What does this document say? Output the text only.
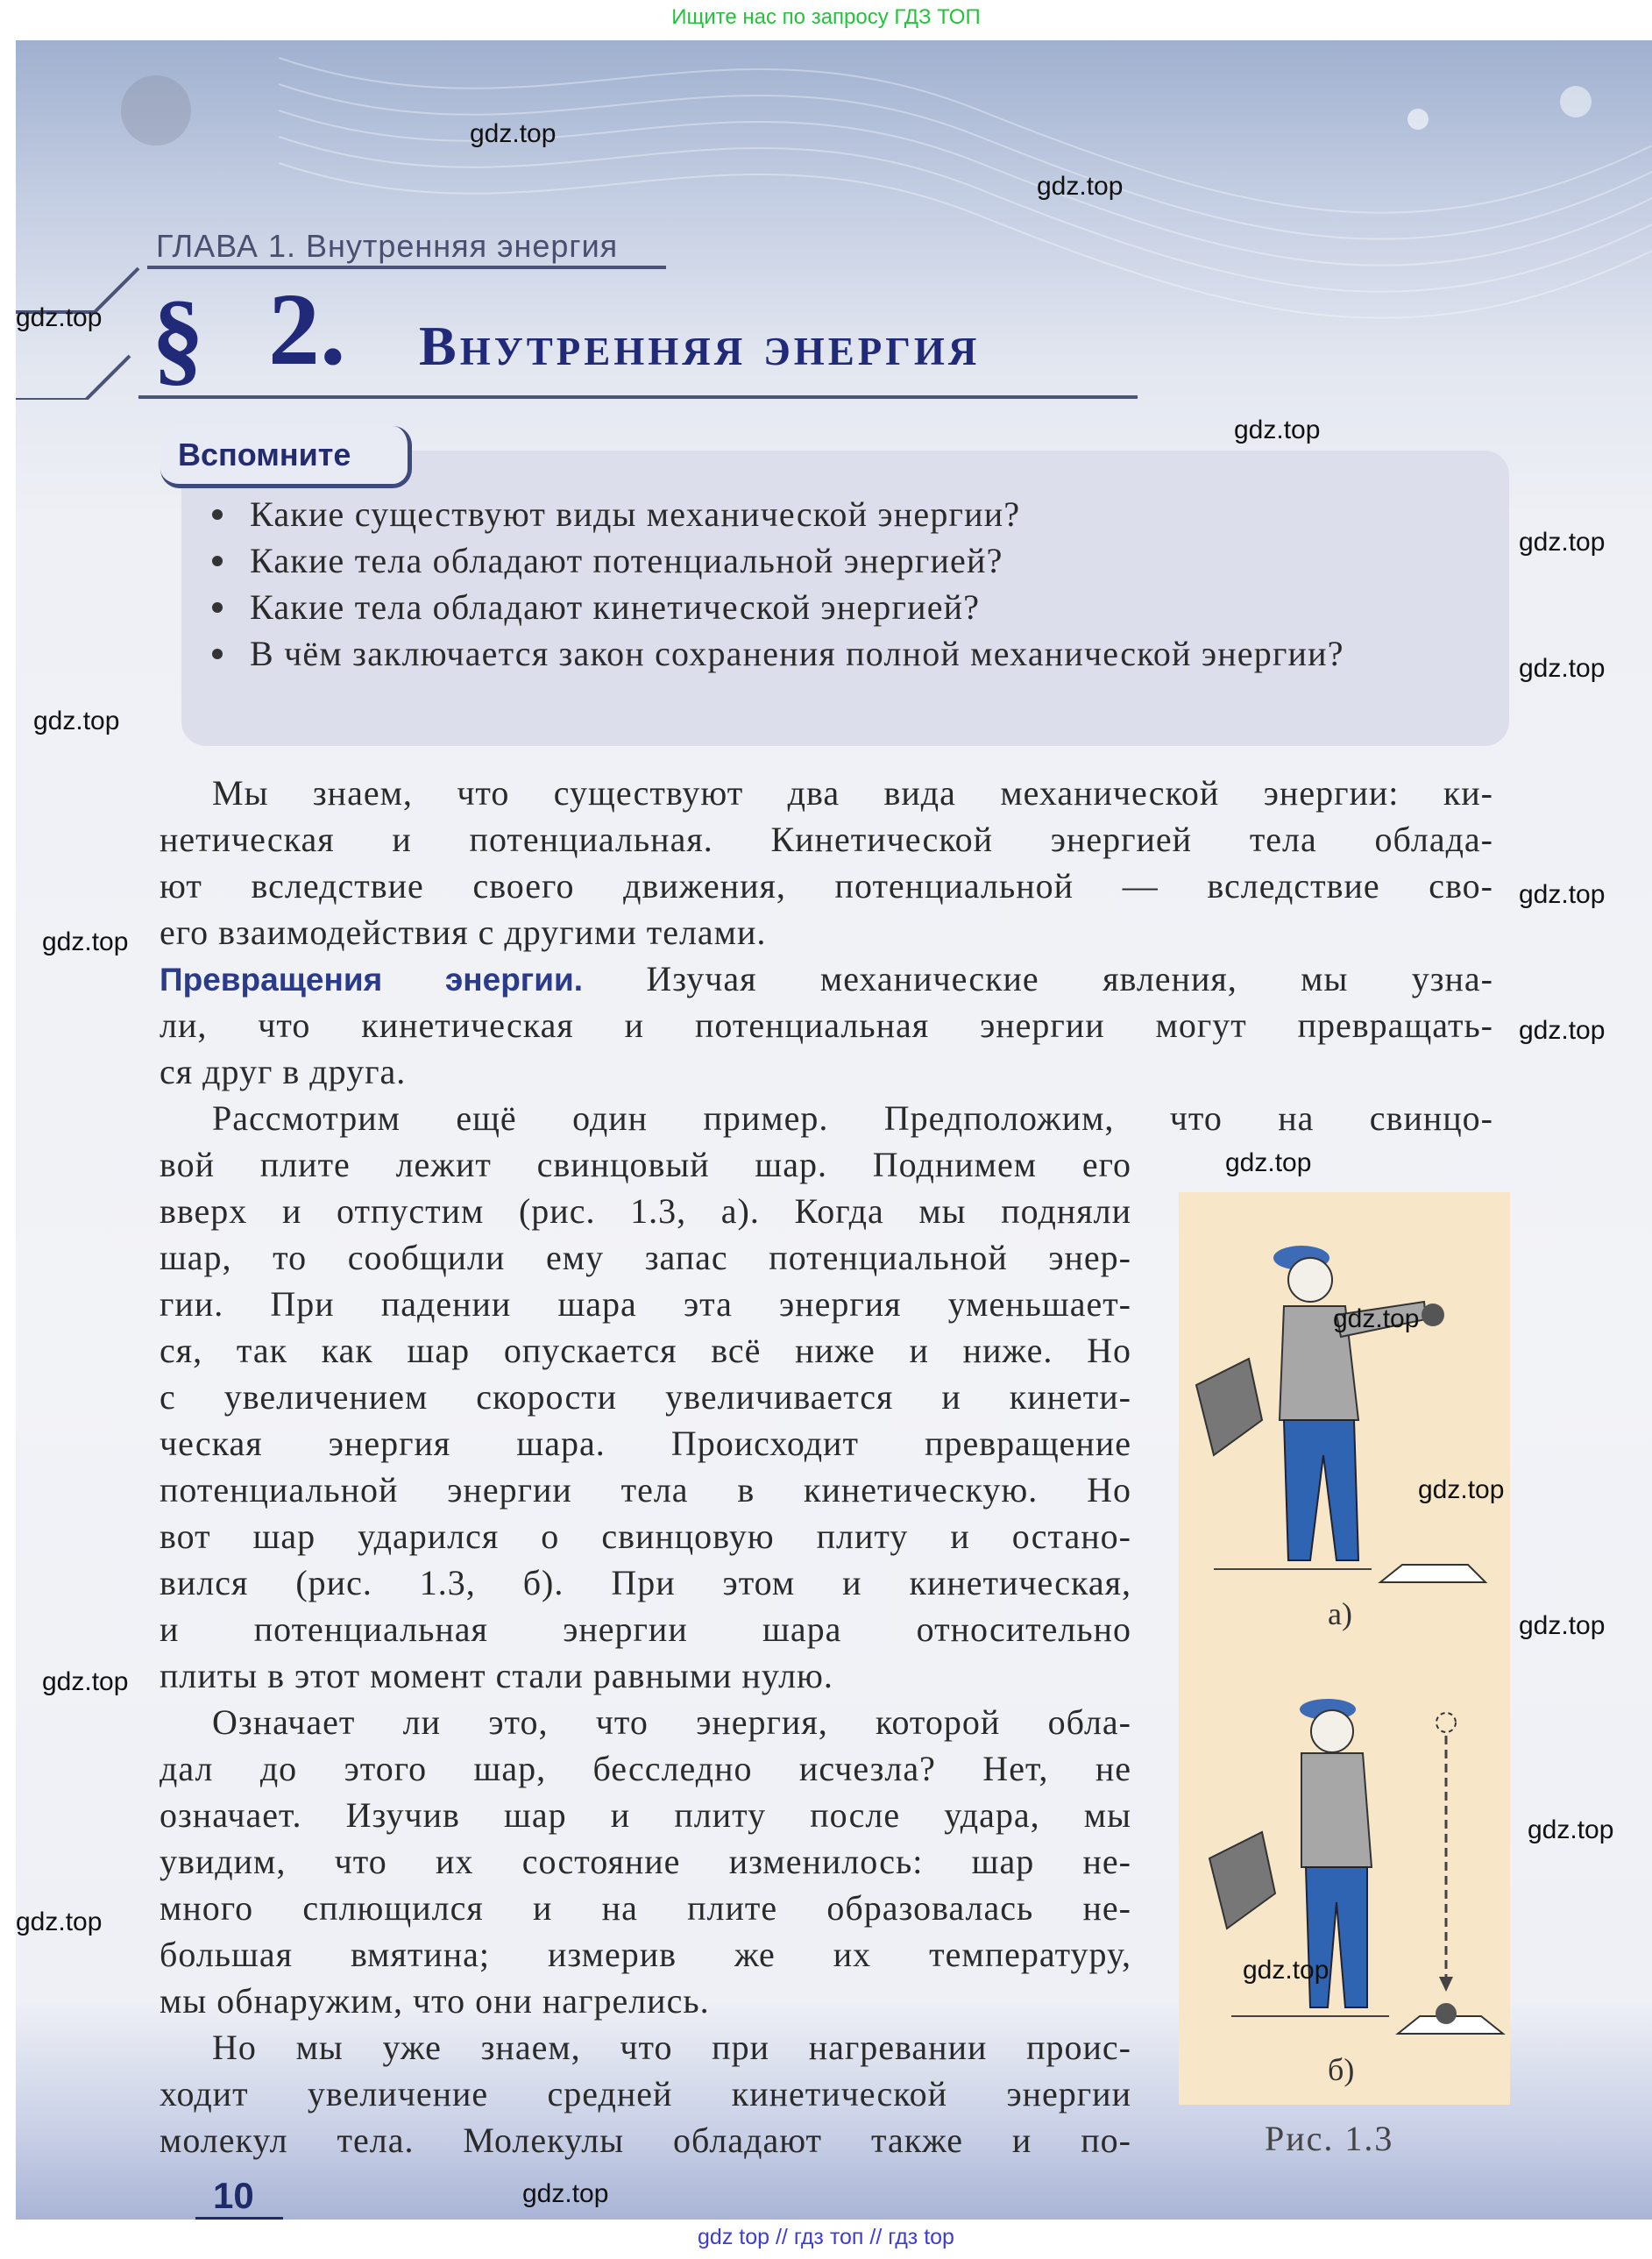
Ищите нас по запросу ГДЗ ТОП
ГЛАВА 1. Внутренняя энергия
§ 2. Внутренняя энергия
Вспомните
Какие существуют виды механической энергии?
Какие тела обладают потенциальной энергией?
Какие тела обладают кинетической энергией?
В чём заключается закон сохранения полной механической энергии?
Мы знаем, что существуют два вида механической энергии: ки-
нетическая и потенциальная. Кинетической энергией тела облада-
ют вследствие своего движения, потенциальной — вследствие сво-
его взаимодействия с другими телами.
Превращения энергии. Изучая механические явления, мы узна-
ли, что кинетическая и потенциальная энергии могут превращать-
ся друг в друга.
Рассмотрим ещё один пример. Предположим, что на свинцо-
вой плите лежит свинцовый шар. Поднимем его
вверх и отпустим (рис. 1.3, а). Когда мы подняли
шар, то сообщили ему запас потенциальной энер-
гии. При падении шара эта энергия уменьшает-
ся, так как шар опускается всё ниже и ниже. Но
с увеличением скорости увеличивается и кинети-
ческая энергия шара. Происходит превращение
потенциальной энергии тела в кинетическую. Но
вот шар ударился о свинцовую плиту и остано-
вился (рис. 1.3, б). При этом и кинетическая,
и потенциальная энергии шара относительно
плиты в этот момент стали равными нулю.
Означает ли это, что энергия, которой обла-
дал до этого шар, бесследно исчезла? Нет, не
означает. Изучив шар и плиту после удара, мы
увидим, что их состояние изменилось: шар не-
много сплющился и на плите образовалась не-
большая вмятина; измерив же их температуру,
мы обнаружим, что они нагрелись.
Но мы уже знаем, что при нагревании проис-
ходит увеличение средней кинетической энергии
молекул тела. Молекулы обладают также и по-
а)
б)
Рис. 1.3
10
gdz.top
gdz.top
gdz.top
gdz.top
gdz.top
gdz.top
gdz.top
gdz.top
gdz.top
gdz.top
gdz.top
gdz.top
gdz.top
gdz.top
gdz.top
gdz.top
gdz.top
gdz.top
gdz.top
gdz top // гдз топ // гдз top
